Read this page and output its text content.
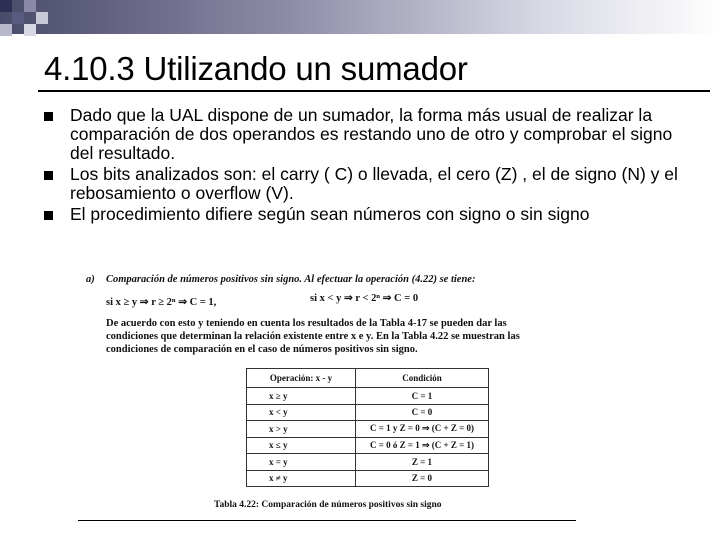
4.10.3 Utilizando un sumador
Dado que la UAL dispone de un sumador, la forma más usual de realizar la comparación de dos operandos es restando uno de otro y comprobar el signo del resultado.
Los bits analizados son: el carry ( C) o llevada, el cero (Z) , el de signo (N) y el rebosamiento o overflow (V).
El procedimiento difiere según sean números con signo o sin signo
a) Comparación de números positivos sin signo. Al efectuar la operación (4.22) se tiene:
si x ≥ y ⇒ r ≥ 2ⁿ ⇒ C = 1,	si x < y ⇒ r < 2ⁿ ⇒ C = 0
De acuerdo con esto y teniendo en cuenta los resultados de la Tabla 4-17 se pueden dar las
condiciones que determinan la relación existente entre x e y. En la Tabla 4.22 se muestran las
condiciones de comparación en el caso de números positivos sin signo.
Operación: x - y	Condición
x ≥ y	C = 1
x < y	C = 0
x > y	C = 1 y Z = 0 ⇒ (C + Z = 0)
x ≤ y	C = 0 ó Z = 1 ⇒ (C + Z = 1)
x = y	Z = 1
x ≠ y	Z = 0
Tabla 4.22: Comparación de números positivos sin signo
